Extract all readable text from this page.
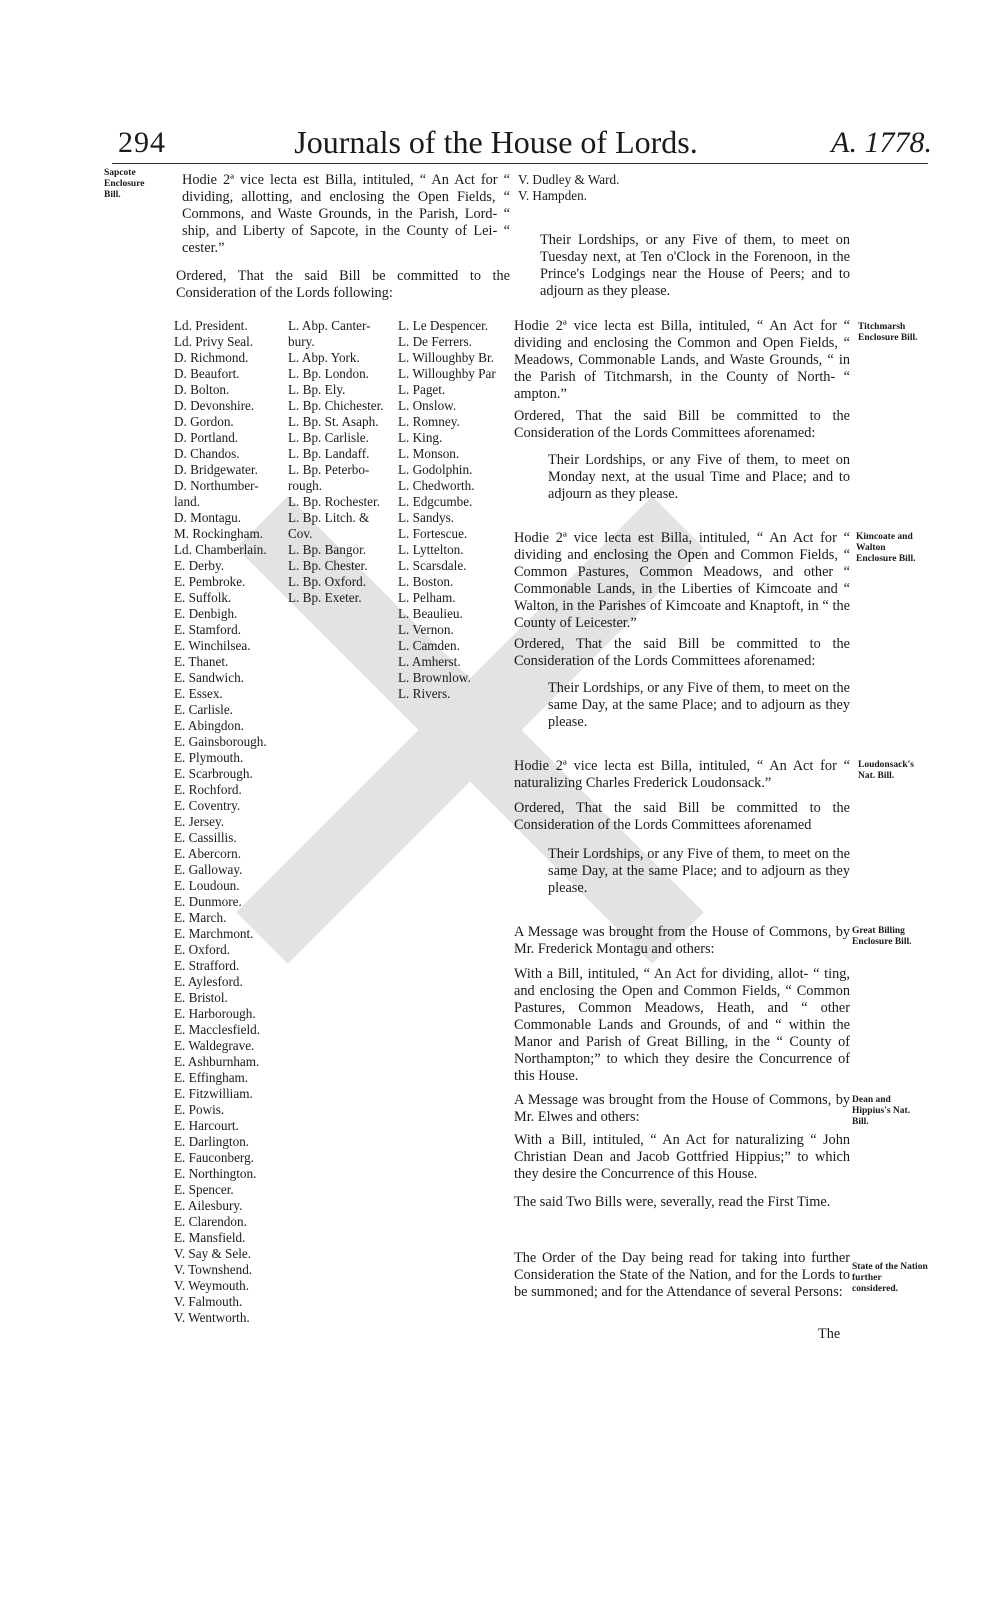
294	Journals of the House of Lords.	A. 1778.
Sapcote Enclosure Bill.
Titchmarsh Enclosure Bill.
Kimcoate and Walton Enclosure Bill.
Loudonsack's Nat. Bill.
Great Billing Enclosure Bill.
Dean and Hippius's Nat. Bill.
State of the Nation further considered.
Hodie 2ª vice lecta est Billa, intituled, “ An Act for “ dividing, allotting, and enclosing the Open Fields, “ Commons, and Waste Grounds, in the Parish, Lord- “ ship, and Liberty of Sapcote, in the County of Lei- “ cester.”
Ordered, That the said Bill be committed to the Consideration of the Lords following:
Ld. President.
Ld. Privy Seal.
D. Richmond.
D. Beaufort.
D. Bolton.
D. Devonshire.
D. Gordon.
D. Portland.
D. Chandos.
D. Bridgewater.
D. Northumber- land.
D. Montagu.
M. Rockingham.
Ld. Chamberlain.
E. Derby.
E. Pembroke.
E. Suffolk.
E. Denbigh.
E. Stamford.
E. Winchilsea.
E. Thanet.
E. Sandwich.
E. Essex.
E. Carlisle.
E. Abingdon.
E. Gainsborough.
E. Plymouth.
E. Scarbrough.
E. Rochford.
E. Coventry.
E. Jersey.
E. Cassillis.
E. Abercorn.
E. Galloway.
E. Loudoun.
E. Dunmore.
E. March.
E. Marchmont.
E. Oxford.
E. Strafford.
E. Aylesford.
E. Bristol.
E. Harborough.
E. Macclesfield.
E. Waldegrave.
E. Ashburnham.
E. Effingham.
E. Fitzwilliam.
E. Powis.
E. Harcourt.
E. Darlington.
E. Fauconberg.
E. Northington.
E. Spencer.
E. Ailesbury.
E. Clarendon.
E. Mansfield.
V. Say & Sele.
V. Townshend.
V. Weymouth.
V. Falmouth.
V. Wentworth.
L. Abp. Canter- bury.
L. Abp. York.
L. Bp. London.
L. Bp. Ely.
L. Bp. Chichester.
L. Bp. St. Asaph.
L. Bp. Carlisle.
L. Bp. Landaff.
L. Bp. Peterbo- rough.
L. Bp. Rochester.
L. Bp. Litch. & Cov.
L. Bp. Bangor.
L. Bp. Chester.
L. Bp. Oxford.
L. Bp. Exeter.
L. Le Despencer.
L. De Ferrers.
L. Willoughby Br.
L. Willoughby Par
L. Paget.
L. Onslow.
L. Romney.
L. King.
L. Monson.
L. Godolphin.
L. Chedworth.
L. Edgcumbe.
L. Sandys.
L. Fortescue.
L. Lyttelton.
L. Scarsdale.
L. Boston.
L. Pelham.
L. Beaulieu.
L. Vernon.
L. Camden.
L. Amherst.
L. Brownlow.
L. Rivers.
V. Dudley & Ward.
V. Hampden.
Their Lordships, or any Five of them, to meet on Tuesday next, at Ten o'Clock in the Forenoon, in the Prince's Lodgings near the House of Peers; and to adjourn as they please.
Hodie 2ª vice lecta est Billa, intituled, “ An Act for “ dividing and enclosing the Common and Open Fields, “ Meadows, Commonable Lands, and Waste Grounds, “ in the Parish of Titchmarsh, in the County of North- “ ampton.”
Ordered, That the said Bill be committed to the Consideration of the Lords Committees aforenamed:
Their Lordships, or any Five of them, to meet on Monday next, at the usual Time and Place; and to adjourn as they please.
Hodie 2ª vice lecta est Billa, intituled, “ An Act for “ dividing and enclosing the Open and Common Fields, “ Common Pastures, Common Meadows, and other “ Commonable Lands, in the Liberties of Kimcoate and “ Walton, in the Parishes of Kimcoate and Knaptoft, in “ the County of Leicester.”
Ordered, That the said Bill be committed to the Consideration of the Lords Committees aforenamed:
Their Lordships, or any Five of them, to meet on the same Day, at the same Place; and to adjourn as they please.
Hodie 2ª vice lecta est Billa, intituled, “ An Act for “ naturalizing Charles Frederick Loudonsack.”
Ordered, That the said Bill be committed to the Consideration of the Lords Committees aforenamed
Their Lordships, or any Five of them, to meet on the same Day, at the same Place; and to adjourn as they please.
A Message was brought from the House of Commons, by Mr. Frederick Montagu and others:
With a Bill, intituled, “ An Act for dividing, allot- “ ting, and enclosing the Open and Common Fields, “ Common Pastures, Common Meadows, Heath, and “ other Commonable Lands and Grounds, of and “ within the Manor and Parish of Great Billing, in the “ County of Northampton;” to which they desire the Concurrence of this House.
A Message was brought from the House of Commons, by Mr. Elwes and others:
With a Bill, intituled, “ An Act for naturalizing “ John Christian Dean and Jacob Gottfried Hippius;” to which they desire the Concurrence of this House.
The said Two Bills were, severally, read the First Time.
The Order of the Day being read for taking into further Consideration the State of the Nation, and for the Lords to be summoned; and for the Attendance of several Persons:
The
